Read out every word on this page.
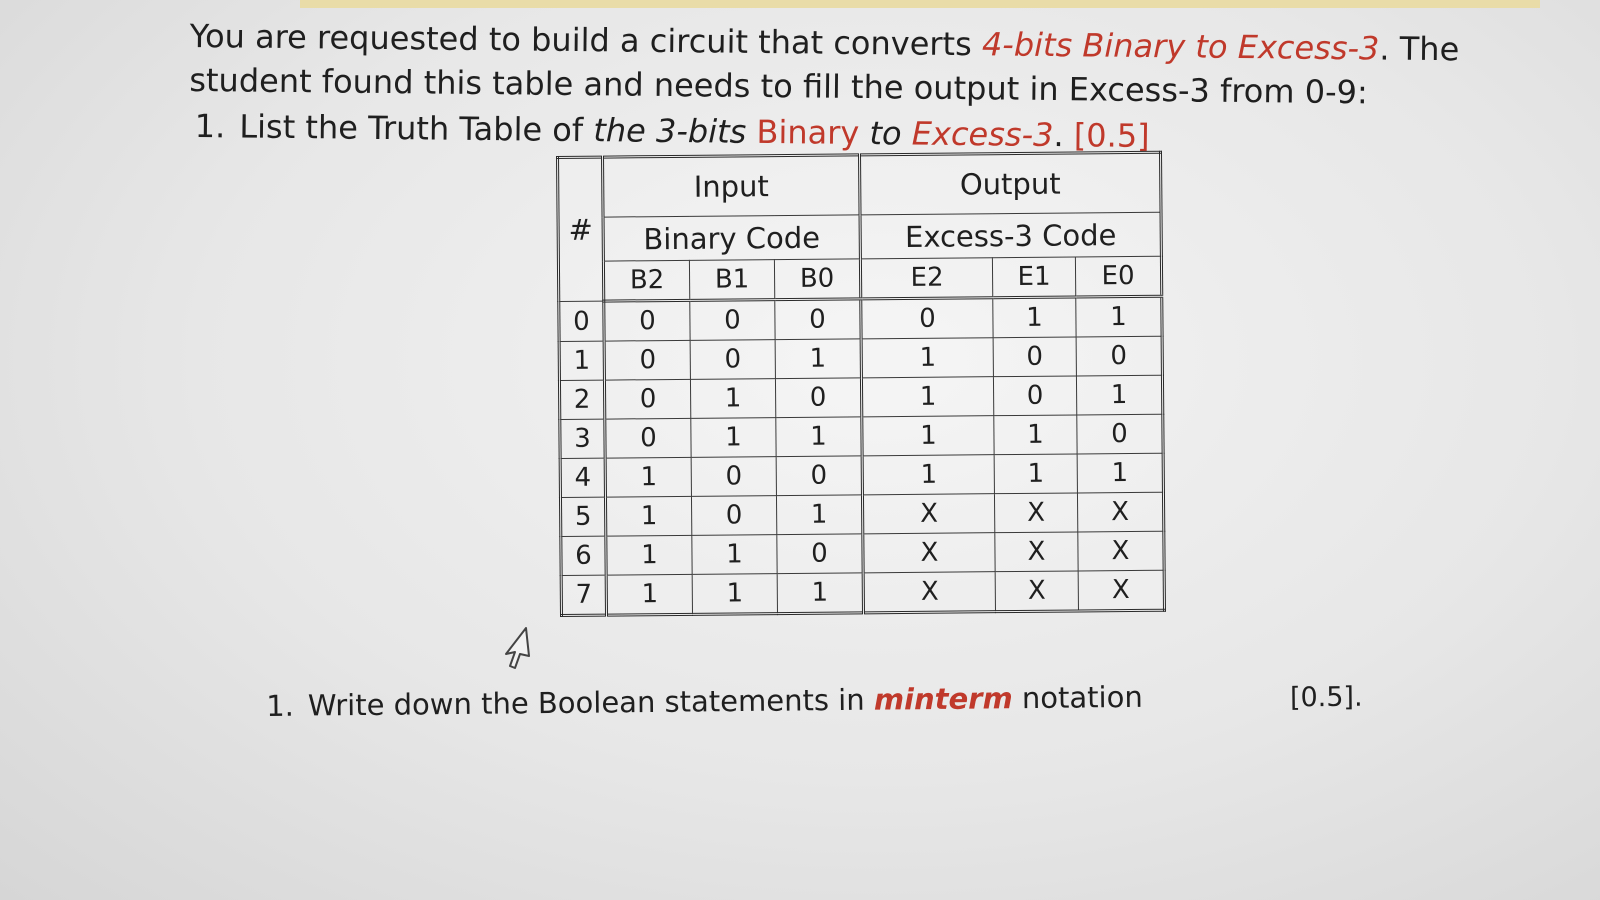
You are requested to build a circuit that converts 4-bits Binary to Excess-3. The student found this table and needs to fill the output in Excess-3 from 0-9:
1. List the Truth Table of the 3-bits Binary to Excess-3. [0.5]
#	Input			Output		
	Binary Code			Excess-3 Code		
	B2	B1	B0	E2	E1	E0
0	0	0	0	0	1	1
1	0	0	1	1	0	0
2	0	1	0	1	0	1
3	0	1	1	1	1	0
4	1	0	0	1	1	1
5	1	0	1	X	X	X
6	1	1	0	X	X	X
7	1	1	1	X	X	X
1. Write down the Boolean statements in minterm notation	[0.5].
